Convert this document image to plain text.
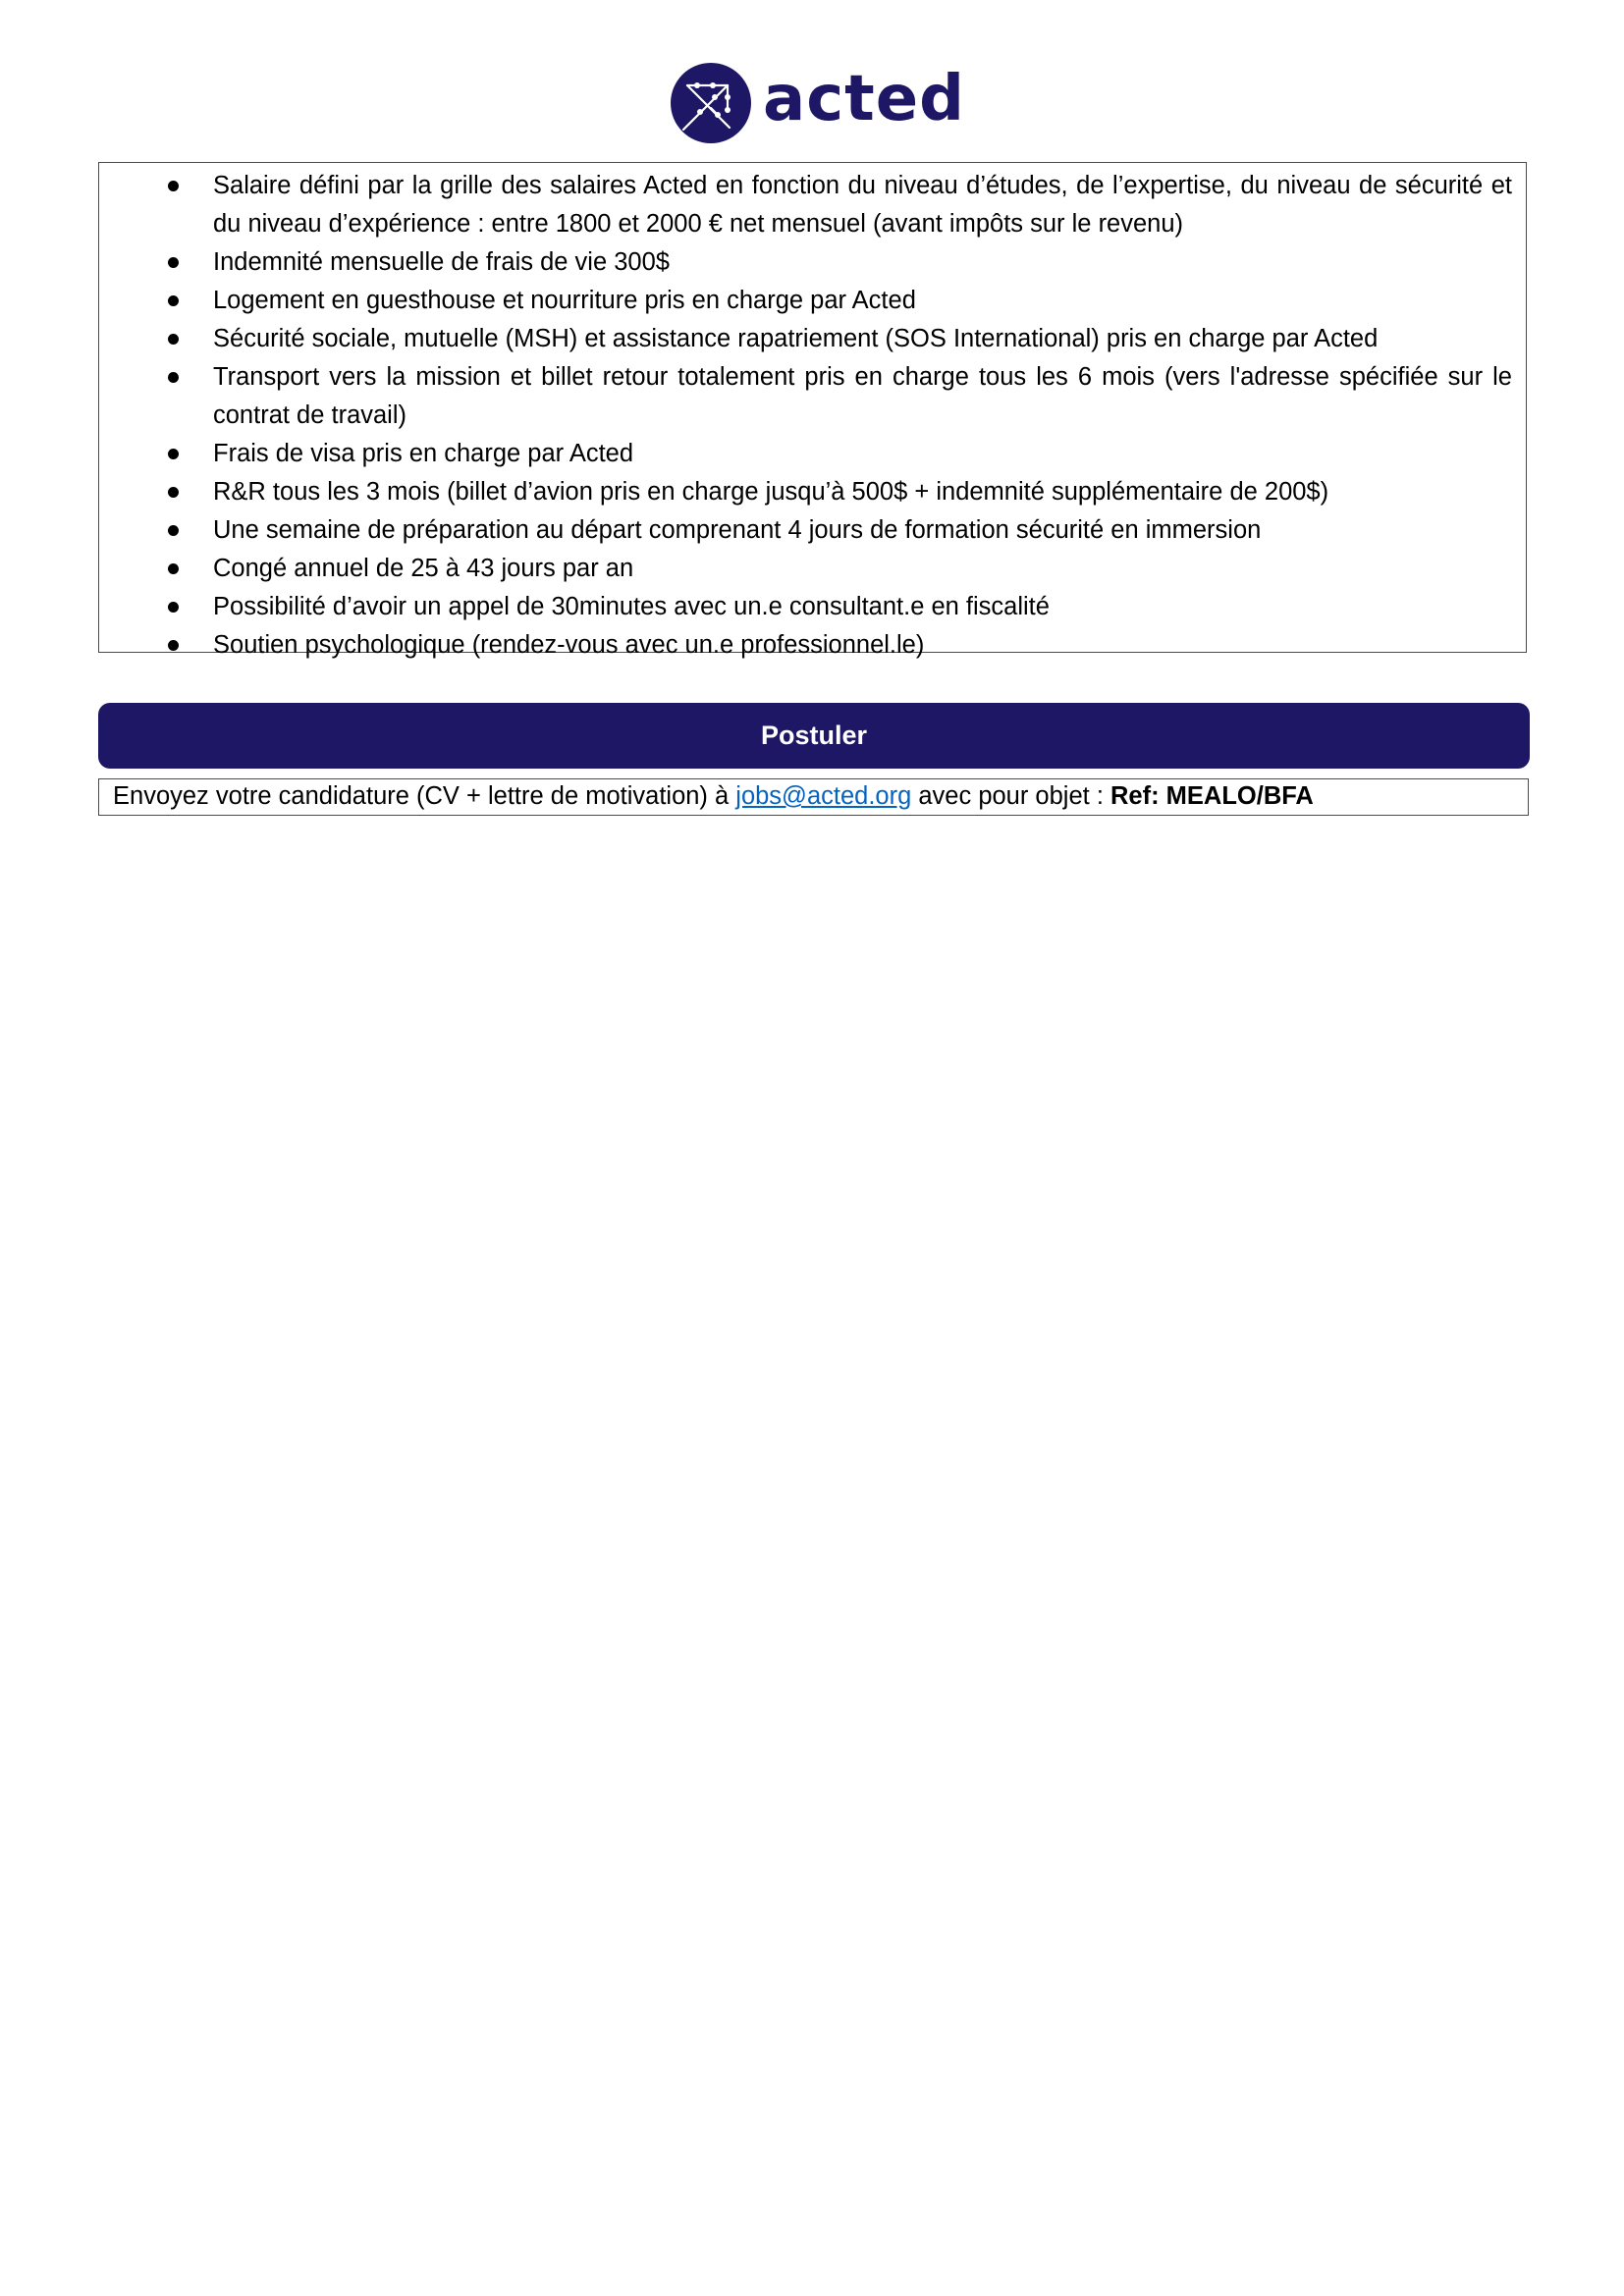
acted
Salaire défini par la grille des salaires Acted en fonction du niveau d’études, de l’expertise, du niveau de sécurité et du niveau d’expérience : entre 1800 et 2000 € net mensuel (avant impôts sur le revenu)
Indemnité mensuelle de frais de vie 300$
Logement en guesthouse et nourriture pris en charge par Acted
Sécurité sociale, mutuelle (MSH) et assistance rapatriement (SOS International) pris en charge par Acted
Transport vers la mission et billet retour totalement pris en charge tous les 6 mois (vers l'adresse spécifiée sur le contrat de travail)
Frais de visa pris en charge par Acted
R&R tous les 3 mois (billet d’avion pris en charge jusqu’à 500$ + indemnité supplémentaire de 200$)
Une semaine de préparation au départ comprenant 4 jours de formation sécurité en immersion
Congé annuel de 25 à 43 jours par an
Possibilité d’avoir un appel de 30minutes avec un.e consultant.e en fiscalité
Soutien psychologique (rendez-vous avec un.e professionnel.le)
Postuler
Envoyez votre candidature (CV + lettre de motivation) à jobs@acted.org avec pour objet : Ref: MEALO/BFA
